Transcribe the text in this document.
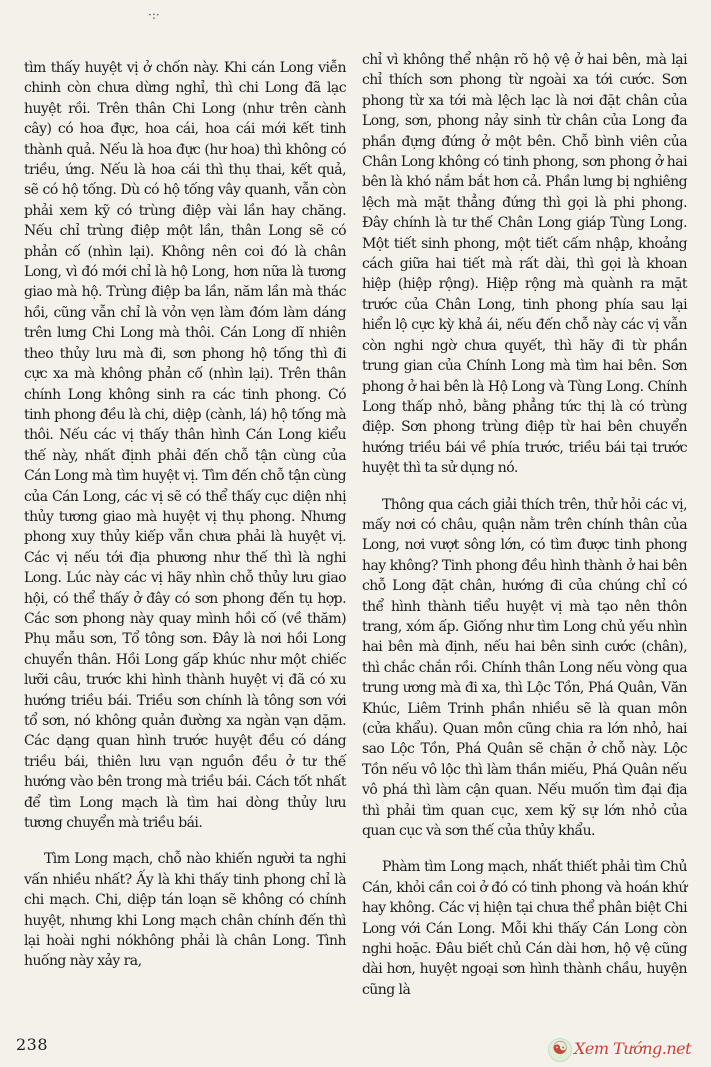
·:·

tìm thấy huyệt vị ở chốn này. Khi cán Long viễn chinh còn chưa dừng nghỉ, thì chi Long đã lạc huyệt rồi. Trên thân Chi Long (như trên cành cây) có hoa đực, hoa cái, hoa cái mới kết tinh thành quả. Nếu là hoa đực (hư hoa) thì không có triều, ứng. Nếu là hoa cái thì thụ thai, kết quả, sẽ có hộ tống. Dù có hộ tống vây quanh, vẫn còn phải xem kỹ có trùng điệp vài lần hay chăng. Nếu chỉ trùng điệp một lần, thân Long sẽ có phản cố (nhìn lại). Không nên coi đó là chân Long, vì đó mới chỉ là hộ Long, hơn nữa là tương giao mà hộ. Trùng điệp ba lần, năm lần mà thác hồi, cũng vẫn chỉ là vỏn vẹn làm đóm làm dáng trên lưng Chi Long mà thôi. Cán Long dĩ nhiên theo thủy lưu mà đi, sơn phong hộ tống thì đi cực xa mà không phản cố (nhìn lại). Trên thân chính Long không sinh ra các tinh phong. Có tinh phong đều là chi, diệp (cành, lá) hộ tống mà thôi. Nếu các vị thấy thân hình Cán Long kiểu thế này, nhất định phải đến chỗ tận cùng của Cán Long mà tìm huyệt vị. Tìm đến chỗ tận cùng của Cán Long, các vị sẽ có thể thấy cục diện nhị thủy tương giao mà huyệt vị thụ phong. Nhưng phong xuy thủy kiếp vẫn chưa phải là huyệt vị. Các vị nếu tới địa phương như thế thì là nghi Long. Lúc này các vị hãy nhìn chỗ thủy lưu giao hội, có thể thấy ở đây có sơn phong đến tụ hợp. Các sơn phong này quay mình hồi cố (về thăm) Phụ mẫu sơn, Tổ tông sơn. Đây là nơi hồi Long chuyển thân. Hồi Long gấp khúc như một chiếc lưỡi câu, trước khi hình thành huyệt vị đã có xu hướng triều bái. Triều sơn chính là tông sơn với tổ sơn, nó không quản đường xa ngàn vạn dặm. Các dạng quan hình trước huyệt đều có dáng triều bái, thiên lưu vạn nguồn đều ở tư thế hướng vào bên trong mà triều bái. Cách tốt nhất để tìm Long mạch là tìm hai dòng thủy lưu tương chuyển mà triều bái.

Tìm Long mạch, chỗ nào khiến người ta nghi vấn nhiều nhất? Ấy là khi thấy tinh phong chỉ là chi mạch. Chi, diệp tán loạn sẽ không có chính huyệt, nhưng khi Long mạch chân chính đến thì lại hoài nghi nókhông phải là chân Long. Tình huống này xảy ra,

chỉ vì không thể nhận rõ hộ vệ ở hai bên, mà lại chỉ thích sơn phong từ ngoài xa tới cước. Sơn phong từ xa tới mà lệch lạc là nơi đặt chân của Long, sơn, phong nảy sinh từ chân của Long đa phần đựng đứng ở một bên. Chỗ bình viên của Chân Long không có tinh phong, sơn phong ở hai bên là khó nắm bắt hơn cả. Phần lưng bị nghiêng lệch mà mặt thẳng đứng thì gọi là phi phong. Đây chính là tư thế Chân Long giáp Tùng Long. Một tiết sinh phong, một tiết cấm nhập, khoảng cách giữa hai tiết mà rất dài, thì gọi là khoan hiệp (hiệp rộng). Hiệp rộng mà quành ra mặt trước của Chân Long, tinh phong phía sau lại hiển lộ cực kỳ khả ái, nếu đến chỗ này các vị vẫn còn nghi ngờ chưa quyết, thì hãy đi từ phần trung gian của Chính Long mà tìm hai bên. Sơn phong ở hai bên là Hộ Long và Tùng Long. Chính Long thấp nhỏ, bằng phẳng tức thị là có trùng điệp. Sơn phong trùng điệp từ hai bên chuyển hướng triều bái về phía trước, triều bái tại trước huyệt thì ta sử dụng nó.

Thông qua cách giải thích trên, thử hỏi các vị, mấy nơi có châu, quận nằm trên chính thân của Long, nơi vượt sông lớn, có tìm được tinh phong hay không? Tinh phong đều hình thành ở hai bên chỗ Long đặt chân, hướng đi của chúng chỉ có thể hình thành tiểu huyệt vị mà tạo nên thôn trang, xóm ấp. Giống như tìm Long chủ yếu nhìn hai bên mà định, nếu hai bên sinh cước (chân), thì chắc chắn rồi. Chính thân Long nếu vòng qua trung ương mà đi xa, thì Lộc Tồn, Phá Quân, Văn Khúc, Liêm Trinh phần nhiều sẽ là quan môn (cửa khẩu). Quan môn cũng chia ra lớn nhỏ, hai sao Lộc Tồn, Phá Quân sẽ chặn ở chỗ này. Lộc Tồn nếu vô lộc thì làm thần miếu, Phá Quân nếu vô phá thì làm cận quan. Nếu muốn tìm đại địa thì phải tìm quan cục, xem kỹ sự lớn nhỏ của quan cục và sơn thế của thủy khẩu.

Phàm tìm Long mạch, nhất thiết phải tìm Chủ Cán, khỏi cần coi ở đó có tinh phong và hoán khứ hay không. Các vị hiện tại chưa thể phân biệt Chi Long với Cán Long. Mỗi khi thấy Cán Long còn nghi hoặc. Đâu biết chủ Cán dài hơn, hộ vệ cũng dài hơn, huyệt ngoại sơn hình thành chầu, huyện cũng là

238
☯	Xem Tướng.net
